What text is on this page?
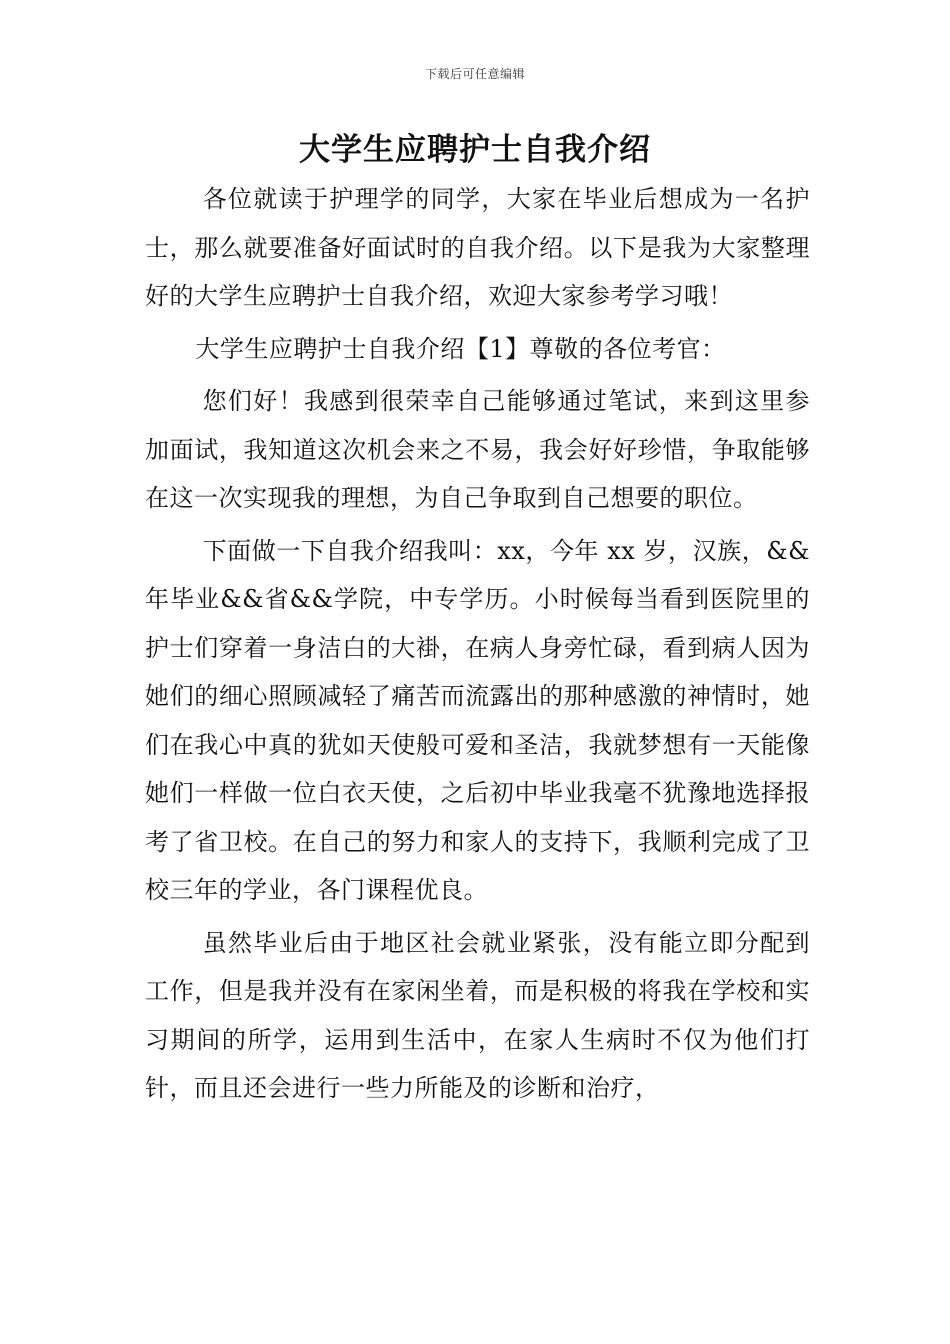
下载后可任意编辑
大学生应聘护士自我介绍

各位就读于护理学的同学，大家在毕业后想成为一名护士，那么就要准备好面试时的自我介绍。以下是我为大家整理好的大学生应聘护士自我介绍，欢迎大家参考学习哦！

大学生应聘护士自我介绍【1】尊敬的各位考官：

您们好！我感到很荣幸自己能够通过笔试，来到这里参加面试，我知道这次机会来之不易，我会好好珍惜，争取能够在这一次实现我的理想，为自己争取到自己想要的职位。

下面做一下自我介绍我叫：xx，今年 xx 岁，汉族，&&年毕业&&省&&学院，中专学历。小时候每当看到医院里的护士们穿着一身洁白的大褂，在病人身旁忙碌，看到病人因为她们的细心照顾减轻了痛苦而流露出的那种感激的神情时，她们在我心中真的犹如天使般可爱和圣洁，我就梦想有一天能像她们一样做一位白衣天使，之后初中毕业我毫不犹豫地选择报考了省卫校。在自己的努力和家人的支持下，我顺利完成了卫校三年的学业，各门课程优良。

虽然毕业后由于地区社会就业紧张，没有能立即分配到工作，但是我并没有在家闲坐着，而是积极的将我在学校和实习期间的所学，运用到生活中，在家人生病时不仅为他们打针，而且还会进行一些力所能及的诊断和治疗，
